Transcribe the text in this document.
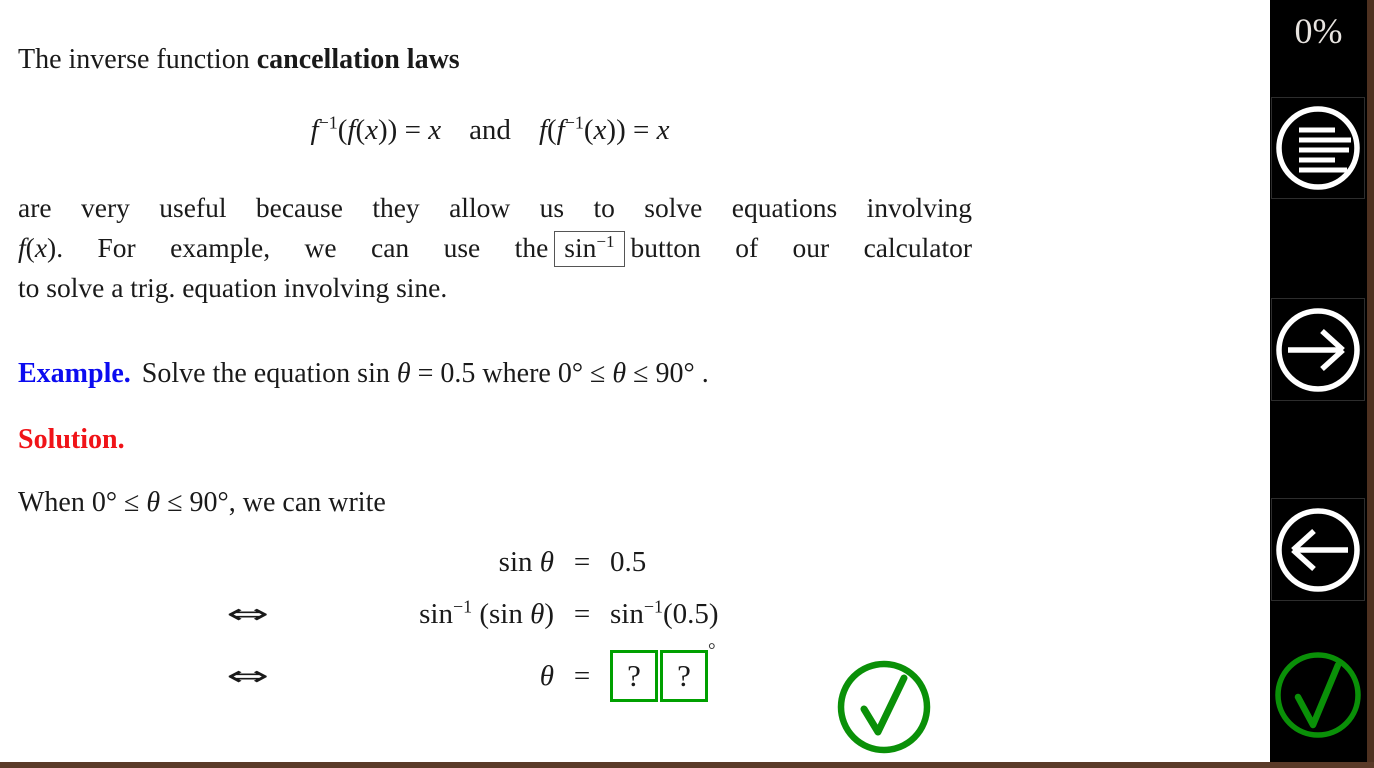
The inverse function cancellation laws
$f^{-1}(f(x)) = x$ and $f(f^{-1}(x)) = x$
are very useful because they allow us to solve equations involving
f(x). For example, we can use the $\sin^{-1}$ button of our calculator
to solve a trig. equation involving sine.
Example. Solve the equation sin θ = 0.5 where 0° ≤ θ ≤ 90° .
Solution.
When 0° ≤ θ ≤ 90°, we can write
sin θ = 0.5
⇔	$\sin^{-1} (\sin$ $\theta) = \sin^{-1}(0.5)$
⇔	θ =	? ?°
0%
